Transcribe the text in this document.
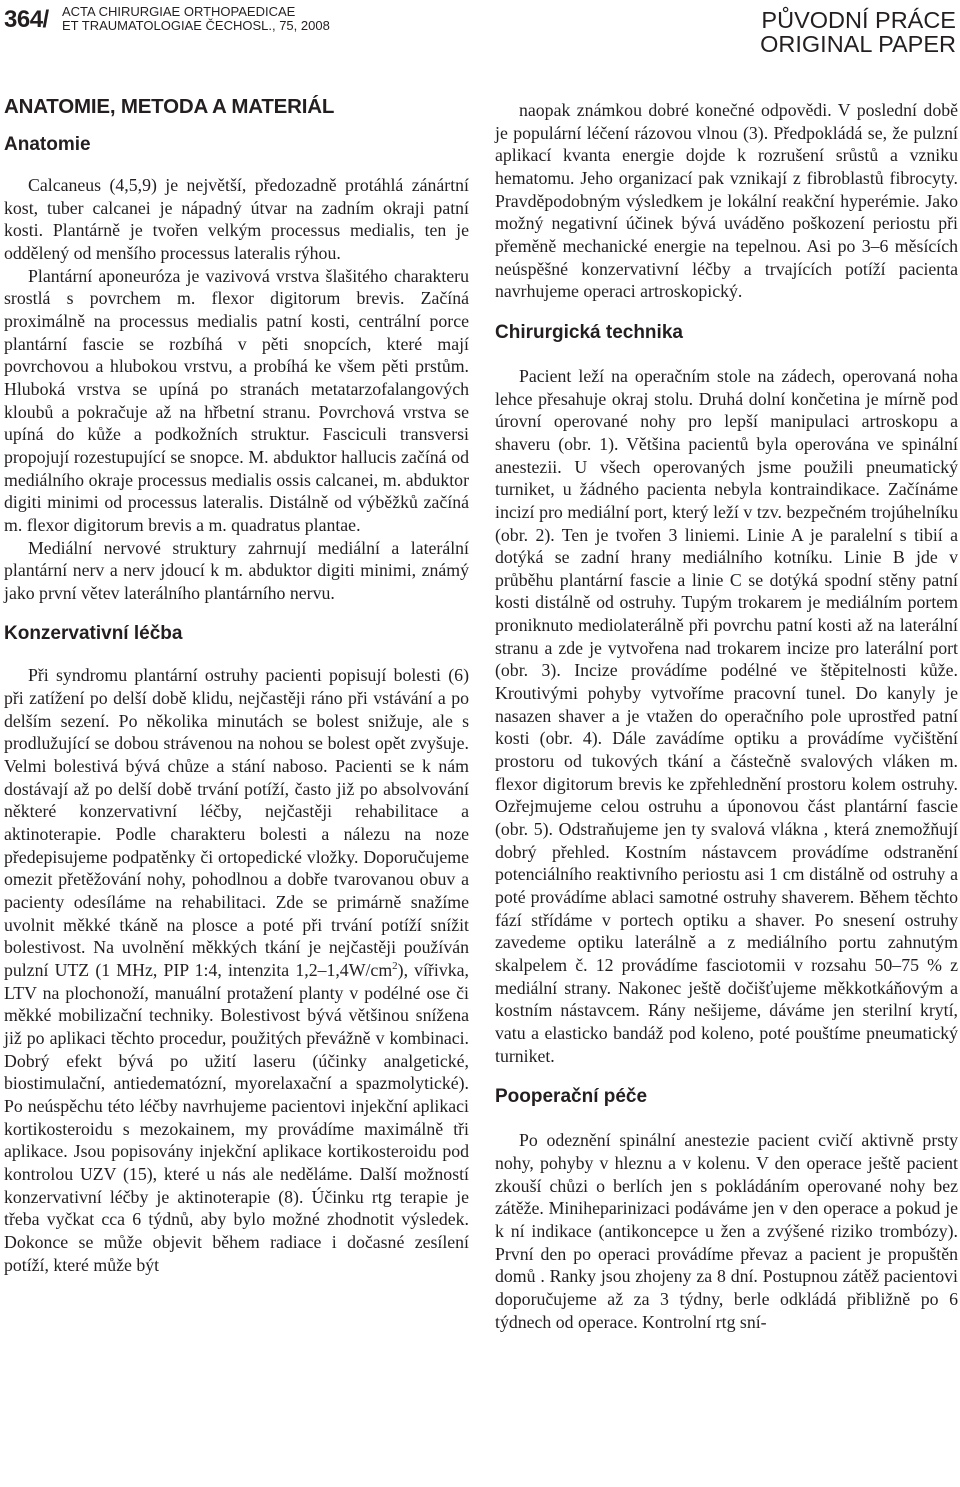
364/ ACTA CHIRURGIAE ORTHOPAEDICAE
ET TRAUMATOLOGIAE ČECHOSL., 75, 2008	PŮVODNÍ PRÁCE
ORIGINAL PAPER
ANATOMIE, METODA A MATERIÁL
Anatomie

Calcaneus (4,5,9) je největší, předozadně protáhlá zánártní kost, tuber calcanei je nápadný útvar na zadním okraji patní kosti. Plantárně je tvořen velkým processus medialis, ten je oddělený od menšího processus lateralis rýhou.

Plantární aponeuróza je vazivová vrstva šlašitého charakteru srostlá s povrchem m. flexor digitorum brevis. Začíná proximálně na processus medialis patní kosti, centrální porce plantární fascie se rozbíhá v pěti snopcích, které mají povrchovou a hlubokou vrstvu, a probíhá ke všem pěti prstům. Hluboká vrstva se upíná po stranách metatarzofalangových kloubů a pokračuje až na hřbetní stranu. Povrchová vrstva se upíná do kůže a podkožních struktur. Fasciculi transversi propojují rozestupující se snopce. M. abduktor hallucis začíná od mediálního okraje processus medialis ossis calcanei, m. abduktor digiti minimi od processus lateralis. Distálně od výběžků začíná m. flexor digitorum brevis a m. quadratus plantae.

Mediální nervové struktury zahrnují mediální a laterální plantární nerv a nerv jdoucí k m. abduktor digiti minimi, známý jako první větev laterálního plantárního nervu.

Konzervativní léčba

Při syndromu plantární ostruhy pacienti popisují bolesti (6) při zatížení po delší době klidu, nejčastěji ráno při vstávání a po delším sezení. Po několika minutách se bolest snižuje, ale s prodlužující se dobou strávenou na nohou se bolest opět zvyšuje. Velmi bolestivá bývá chůze a stání naboso. Pacienti se k nám dostávají až po delší době trvání potíží, často již po absolvování některé konzervativní léčby, nejčastěji rehabilitace a aktinoterapie. Podle charakteru bolesti a nálezu na noze předepisujeme podpatěnky či ortopedické vložky. Doporučujeme omezit přetěžování nohy, pohodlnou a dobře tvarovanou obuv a pacienty odesíláme na rehabilitaci. Zde se primárně snažíme uvolnit měkké tkáně na plosce a poté při trvání potíží snížit bolestivost. Na uvolnění měkkých tkání je nejčastěji používán pulzní UTZ (1 MHz, PIP 1:4, intenzita $1,2-1,4W/cm^2$), vířivka, LTV na plochonoží, manuální protažení planty v podélné ose či měkké mobilizační techniky. Bolestivost bývá většinou snížena již po aplikaci těchto procedur, použitých převážně v kombinaci. Dobrý efekt bývá po užití laseru (účinky analgetické, biostimulační, antiedematózní, myorelaxační a spazmolytické). Po neúspěchu této léčby navrhujeme pacientovi injekční aplikaci kortikosteroidu s mezokainem, my provádíme maximálně tři aplikace. Jsou popisovány injekční aplikace kortikosteroidu pod kontrolou UZV (15), které u nás ale neděláme. Další možností konzervativní léčby je aktinoterapie (8). Účinku rtg terapie je třeba vyčkat cca 6 týdnů, aby bylo možné zhodnotit výsledek. Dokonce se může objevit během radiace i dočasné zesílení potíží, které může být

naopak známkou dobré konečné odpovědi. V poslední době je populární léčení rázovou vlnou (3). Předpokládá se, že pulzní aplikací kvanta energie dojde k rozrušení srůstů a vzniku hematomu. Jeho organizací pak vznikají z fibroblastů fibrocyty. Pravděpodobným výsledkem je lokální reakční hyperémie. Jako možný negativní účinek bývá uváděno poškození periostu při přeměně mechanické energie na tepelnou. Asi po 3–6 měsících neúspěšné konzervativní léčby a trvajících potíží pacienta navrhujeme operaci artroskopický.

Chirurgická technika

Pacient leží na operačním stole na zádech, operovaná noha lehce přesahuje okraj stolu. Druhá dolní končetina je mírně pod úrovní operované nohy pro lepší manipulaci artroskopu a shaveru (obr. 1). Většina pacientů byla operována ve spinální anestezii. U všech operovaných jsme použili pneumatický turniket, u žádného pacienta nebyla kontraindikace. Začínáme incizí pro mediální port, který leží v tzv. bezpečném trojúhelníku (obr. 2). Ten je tvořen 3 liniemi. Linie A je paralelní s tibií a dotýká se zadní hrany mediálního kotníku. Linie B jde v průběhu plantární fascie a linie C se dotýká spodní stěny patní kosti distálně od ostruhy. Tupým trokarem je mediálním portem proniknuto mediolaterálně při povrchu patní kosti až na laterální stranu a zde je vytvořena nad trokarem incize pro laterální port (obr. 3). Incize provádíme podélné ve štěpitelnosti kůže. Kroutivými pohyby vytvoříme pracovní tunel. Do kanyly je nasazen shaver a je vtažen do operačního pole uprostřed patní kosti (obr. 4). Dále zavádíme optiku a provádíme vyčištění prostoru od tukových tkání a částečně svalových vláken m. flexor digitorum brevis ke zpřehlednění prostoru kolem ostruhy. Ozřejmujeme celou ostruhu a úponovou část plantární fascie (obr. 5). Odstraňujeme jen ty svalová vlákna , která znemožňují dobrý přehled. Kostním nástavcem provádíme odstranění potenciálního reaktivního periostu asi 1 cm distálně od ostruhy a poté provádíme ablaci samotné ostruhy shaverem. Během těchto fází střídáme v portech optiku a shaver. Po snesení ostruhy zavedeme optiku laterálně a z mediálního portu zahnutým skalpelem č. 12 provádíme fasciotomii v rozsahu 50–75 % z mediální strany. Nakonec ještě dočišťujeme měkkotkáňovým a kostním nástavcem. Rány nešijeme, dáváme jen sterilní krytí, vatu a elasticko bandáž pod koleno, poté pouštíme pneumatický turniket.

Pooperační péče

Po odeznění spinální anestezie pacient cvičí aktivně prsty nohy, pohyby v hleznu a v kolenu. V den operace ještě pacient zkouší chůzi o berlích jen s pokládáním operované nohy bez zátěže. Miniheparinizaci podáváme jen v den operace a pokud je k ní indikace (antikoncepce u žen a zvýšené riziko trombózy). První den po operaci provádíme převaz a pacient je propuštěn domů . Ranky jsou zhojeny za 8 dní. Postupnou zátěž pacientovi doporučujeme až za 3 týdny, berle odkládá přibližně po 6 týdnech od operace. Kontrolní rtg sní-
